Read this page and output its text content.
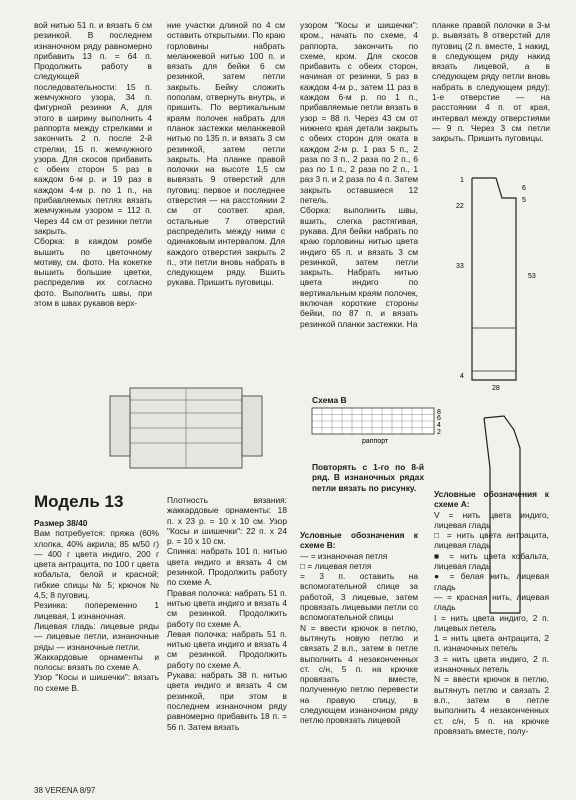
вой нитью 51 п. и вязать 6 см резинкой. В последнем изнаночном ряду равномерно прибавить 13 п. = 64 п. Продолжить работу в следующей последовательности: 15 п. жемчужного узора, 34 п. фигурной резинки А, для этого в ширину выполнить 4 раппорта между стрелками и закончить 2 п. после 2-й стрелки, 15 п. жемчужного узора. Для скосов прибавить с обеих сторон 5 раз в каждом 6-м р. и 19 раз в каждом 4-м р. по 1 п., на прибавляемых петлях вязать жемчужным узором = 112 п. Через 44 см от резинки петли закрыть.

Сборка: в каждом ромбе вышить по цветочному мотиву, см. фото. На кокетке вышить большие цветки, распределив их согласно фото. Выполнить швы, при этом в швах рукавов верх-

ние участки длиной по 4 см оставить открытыми. По краю горловины набрать меланжевой нитью 100 п. и вязать для бейки 6 см резинкой, затем петли закрыть. Бейку сложить пополам, отвернуть внутрь, и пришить. По вертикальным краям полочек набрать для планок застежки меланжевой нитью по 135 п. и вязать 3 см резинкой, затем петли закрыть. На планке правой полочки на высоте 1,5 см вывязать 9 отверстий для пуговиц: первое и последнее отверстия — на расстоянии 2 см от соответ. края, остальные 7 отверстий распределить между ними с одинаковым интервалом. Для каждого отверстия закрыть 2 п., эти петли вновь набрать в следующем ряду. Вшить рукава. Пришить пуговицы.

узором "Косы и шишечки": кром., начать по схеме, 4 раппорта, закончить по схеме, кром. Для скосов прибавить с обеих сторон, начиная от резинки, 5 раз в каждом 4-м р., затем 11 раз в каждом 6-м р. по 1 п., прибавляемые петли вязать в узор = 88 п. Через 43 см от нижнего края детали закрыть с обеих сторон для оката в каждом 2-м р. 1 раз 5 п., 2 раза по 3 п., 2 раза по 2 п., 6 раз по 1 п., 2 раза по 2 п., 1 раз 3 п. и 2 раза по 4 п. Затем закрыть оставшиеся 12 петель.

Сборка: выполнить швы, вшить, слегка растягивая, рукава. Для бейки набрать по краю горловины нитью цвета индиго 65 п. и вязать 3 см резинкой, затем петли закрыть. Набрать нитью цвета индиго по вертикальным краям полочек, включая короткие стороны бейки, по 87 п. и вязать резинкой планки застежки. На

планке правой полочки в 3-м р. вывязать 8 отверстий для пуговиц (2 п. вместе, 1 накид, в следующем ряду накид вязать лицевой, а в следующем ряду петли вновь набрать в следующем ряду): 1-е отверстие — на расстоянии 4 п. от края, интервал между отверстиями — 9 п. Через 3 см петли закрыть. Пришить пуговицы.

1
6
22
5
53
33
4
28
Схема В
раппорт
8
6
4
2
Повторять с 1-го по 8-й ряд. В изнаночных рядах петли вязать по рисунку.
Модель 13

Размер 38/40

Вам потребуется: пряжа (60% хлопка, 40% акрила; 85 м/50 г) — 400 г цвета индиго, 200 г цвета антрацита, по 100 г цвета кобальта, белой и красной; гибкие спицы № 5; крючок № 4,5; 8 пуговиц.

Резинка: попеременно 1 лицевая, 1 изнаночная.

Лицевая гладь: лицевые ряды — лицевые петли, изнаночные ряды — изнаночные петли.

Жаккардовые орнаменты и полосы: вязать по схеме А.

Узор "Косы и шишечки": вязать по схеме В.

Плотность вязания: жаккардовые орнаменты: 18 п. x 23 р. = 10 x 10 см. Узор "Косы и шишечки": 22 п. x 24 р. = 10 x 10 см.

Спинка: набрать 101 п. нитью цвета индиго и вязать 4 см резинкой. Продолжить работу по схеме А.

Правая полочка: набрать 51 п. нитью цвета индиго и вязать 4 см резинкой. Продолжить работу по схеме А.

Левая полочка: набрать 51 п. нитью цвета индиго и вязать 4 см резинкой. Продолжить работу по схеме А.

Рукава: набрать 38 п. нитью цвета индиго и вязать 4 см резинкой, при этом в последнем изнаночном ряду равномерно прибавить 18 п. = 56 п. Затем вязать

Условные обозначения к схеме В:

— = изнаночная петля

□ = лицевая петля

= 3 п. оставить на вспомогательной спице за работой, 3 лицевые, затем провязать лицевыми петли со вспомогательной спицы

N = ввести крючок в петлю, вытянуть новую петлю и связать 2 в.п., затем в петле выполнить 4 незаконченных ст. с/н, 5 п. на крючке провязать вместе, полученную петлю перевести на правую спицу, в следующем изнаночном ряду петлю провязать лицевой

Условные обозначения к схеме А:

V = нить цвета индиго, лицевая гладь

□ = нить цвета антрацита, лицевая гладь

■ = нить цвета кобальта, лицевая гладь

● = белая нить, лицевая гладь

— = красная нить, лицевая гладь

I = нить цвета индиго, 2 п. лицевых петель

1 = нить цвета антрацита, 2 п. изначочных петель

3 = нить цвета индиго, 2 п. изнаночных петель

N = ввести крючок в петлю, вытянуть петлю и связать 2 в.п., затем в петле выполнить 4 незаконченных ст. с/н, 5 п. на крючке провязать вместе, полу-

38 VERENA 8/97
